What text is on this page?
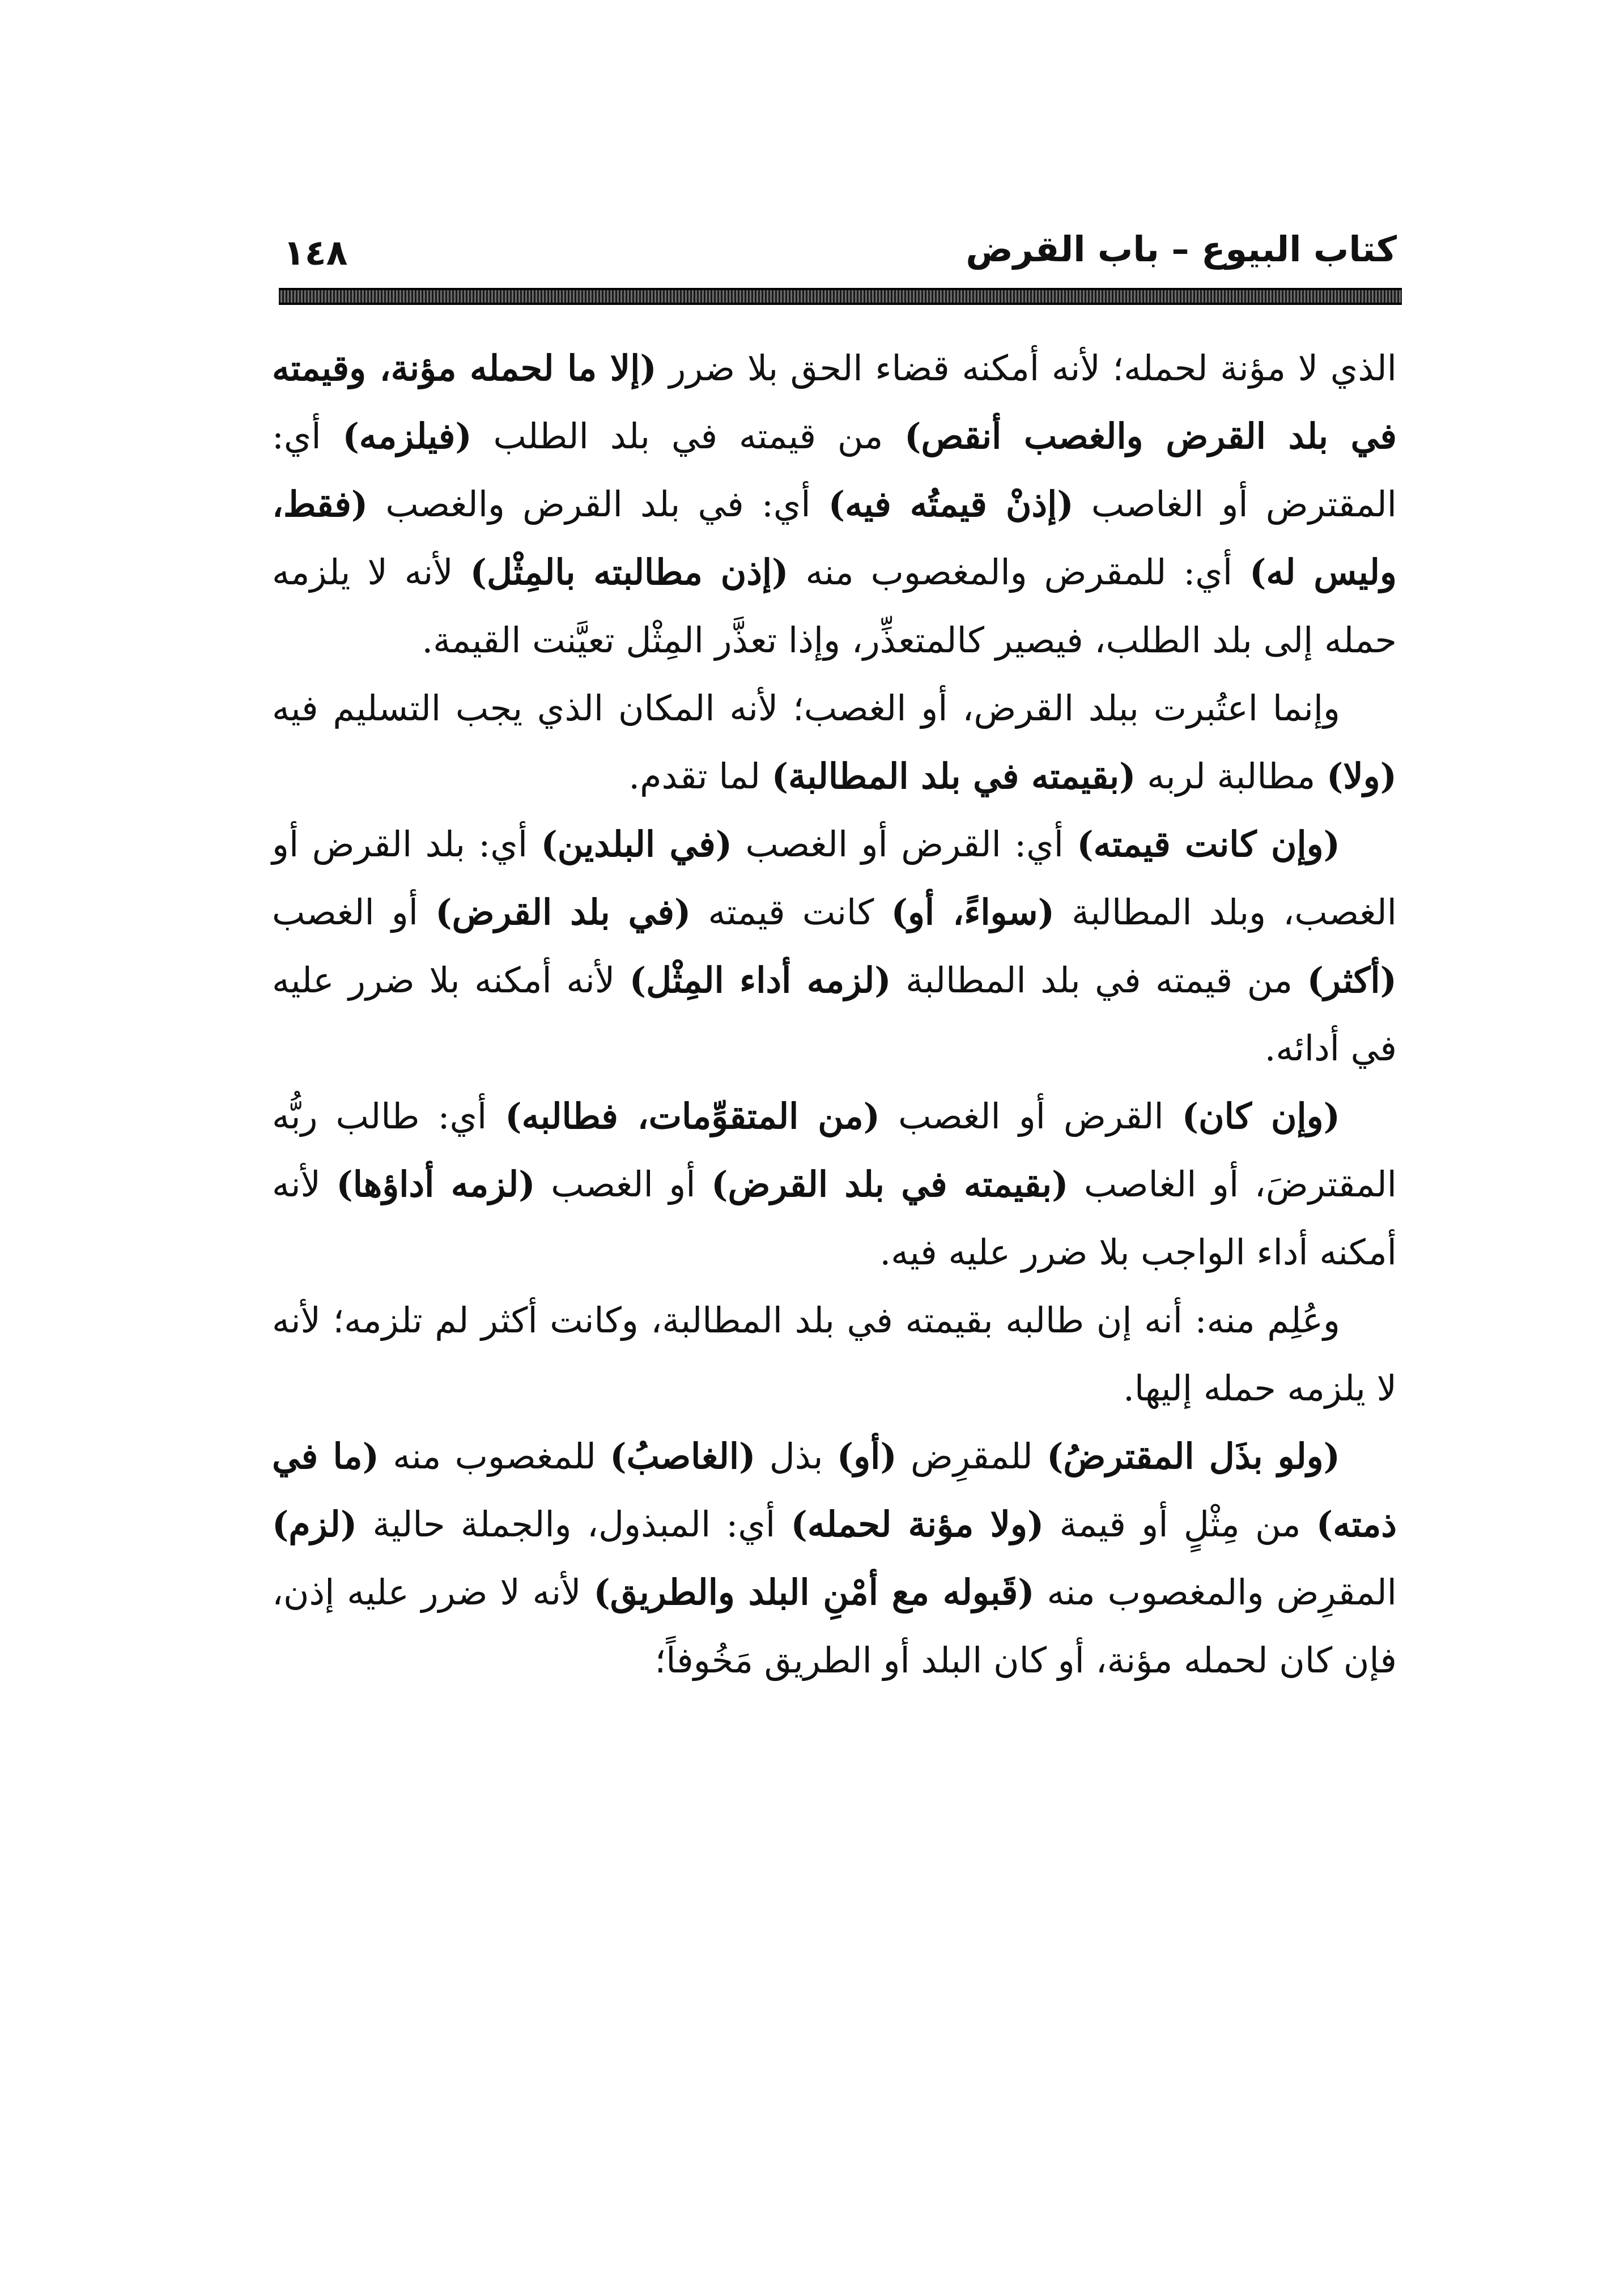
كتاب البيوع – باب القرض
١٤٨

الذي لا مؤنة لحمله؛ لأنه أمكنه قضاء الحق بلا ضرر (إلا ما لحمله مؤنة، وقيمته في بلد القرض والغصب أنقص) من قيمته في بلد الطلب (فيلزمه) أي: المقترض أو الغاصب (إذنْ قيمتُه فيه) أي: في بلد القرض والغصب (فقط، وليس له) أي: للمقرض والمغصوب منه (إذن مطالبته بالمِثْل) لأنه لا يلزمه حمله إلى بلد الطلب، فيصير كالمتعذِّر، وإذا تعذَّر المِثْل تعيَّنت القيمة.

وإنما اعتُبرت ببلد القرض، أو الغصب؛ لأنه المكان الذي يجب التسليم فيه (ولا) مطالبة لربه (بقيمته في بلد المطالبة) لما تقدم.

(وإن كانت قيمته) أي: القرض أو الغصب (في البلدين) أي: بلد القرض أو الغصب، وبلد المطالبة (سواءً، أو) كانت قيمته (في بلد القرض) أو الغصب (أكثر) من قيمته في بلد المطالبة (لزمه أداء المِثْل) لأنه أمكنه بلا ضرر عليه في أدائه.

(وإن كان) القرض أو الغصب (من المتقوِّمات، فطالبه) أي: طالب ربُّه المقترضَ، أو الغاصب (بقيمته في بلد القرض) أو الغصب (لزمه أداؤها) لأنه أمكنه أداء الواجب بلا ضرر عليه فيه.

وعُلِم منه: أنه إن طالبه بقيمته في بلد المطالبة، وكانت أكثر لم تلزمه؛ لأنه لا يلزمه حمله إليها.

(ولو بذَل المقترضُ) للمقرِض (أو) بذل (الغاصبُ) للمغصوب منه (ما في ذمته) من مِثْلٍ أو قيمة (ولا مؤنة لحمله) أي: المبذول، والجملة حالية (لزم) المقرِض والمغصوب منه (قَبوله مع أمْنِ البلد والطريق) لأنه لا ضرر عليه إذن، فإن كان لحمله مؤنة، أو كان البلد أو الطريق مَخُوفاً؛
